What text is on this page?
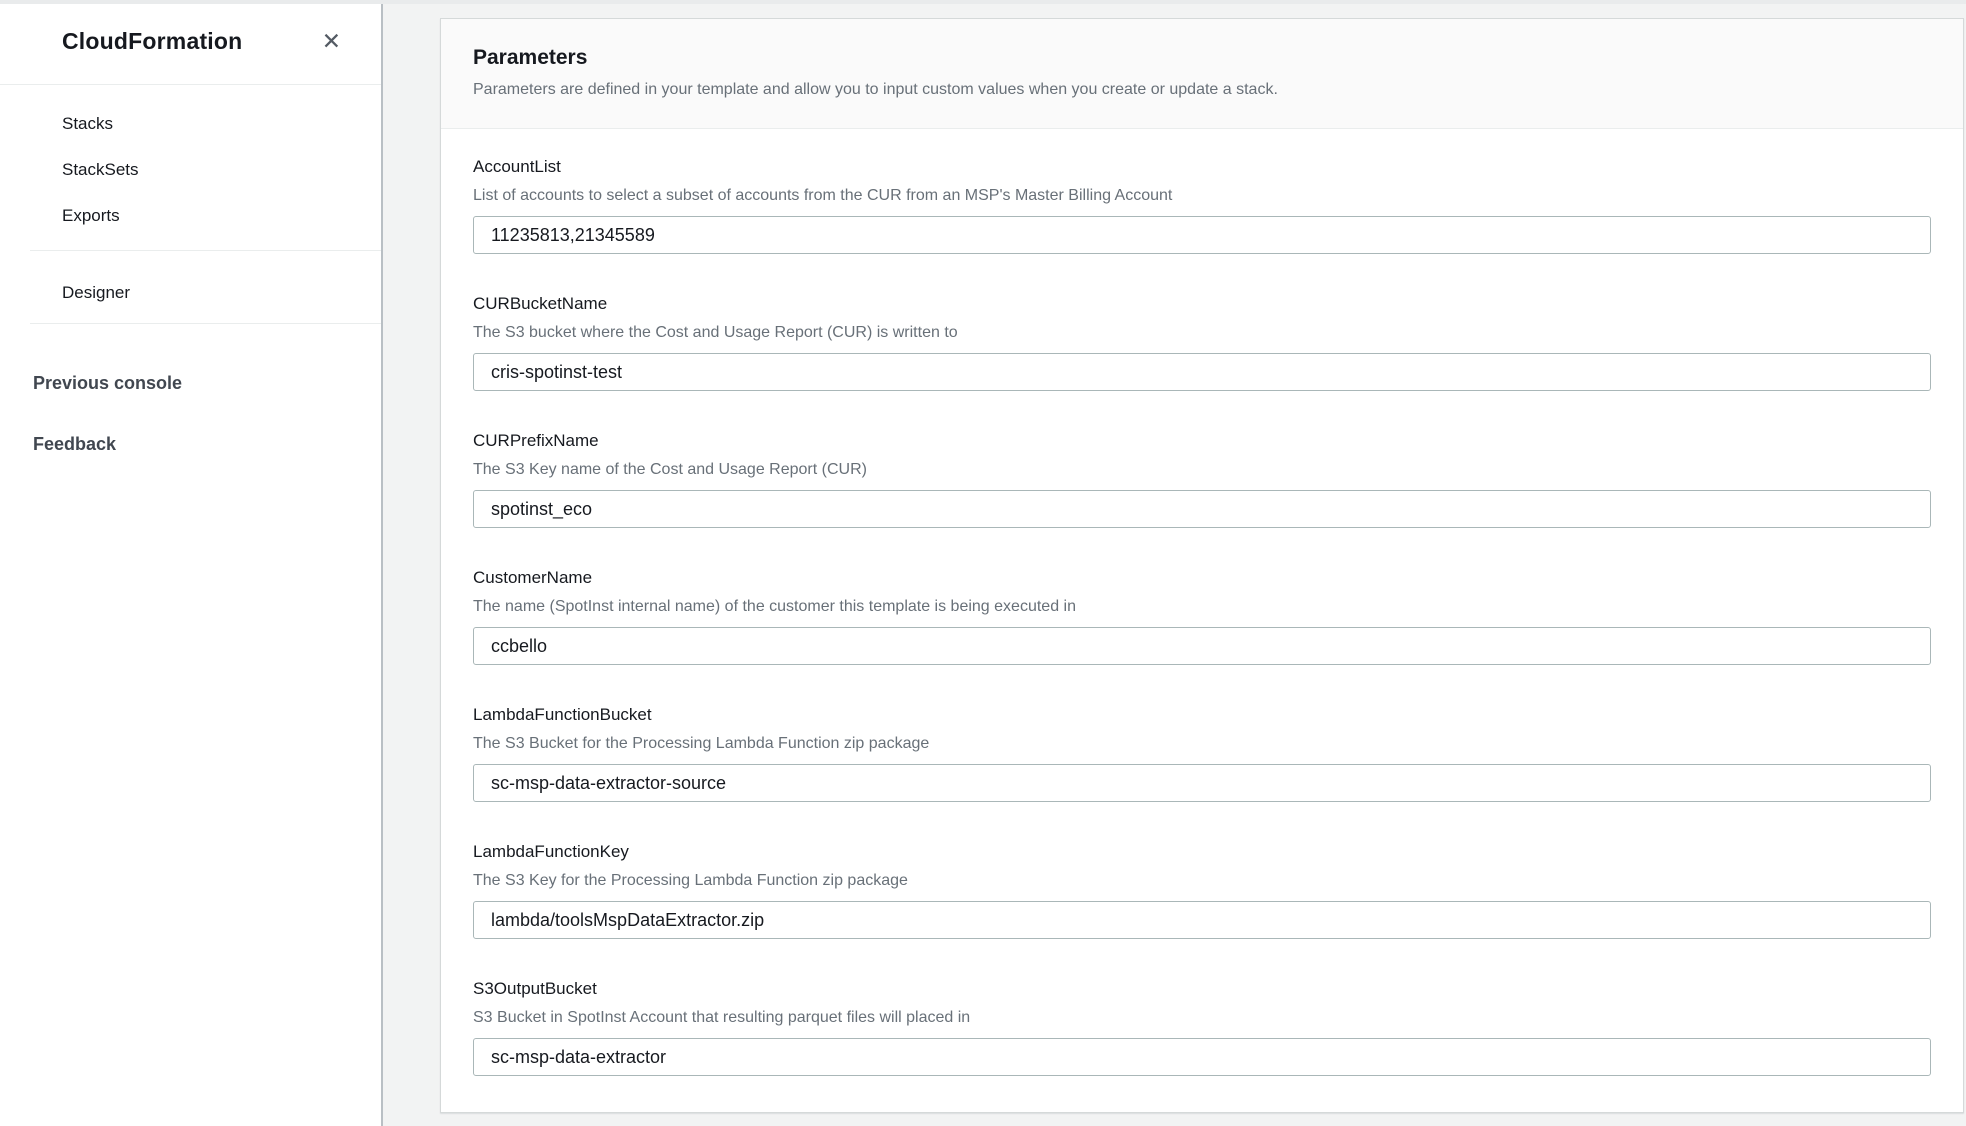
CloudFormation	✕
Stacks
StackSets
Exports
Designer
Previous console
Feedback
Parameters

Parameters are defined in your template and allow you to input custom values when you create or update a stack.

AccountList
List of accounts to select a subset of accounts from the CUR from an MSP's Master Billing Account
11235813,21345589
CURBucketName
The S3 bucket where the Cost and Usage Report (CUR) is written to
cris-spotinst-test
CURPrefixName
The S3 Key name of the Cost and Usage Report (CUR)
spotinst_eco
CustomerName
The name (SpotInst internal name) of the customer this template is being executed in
ccbello
LambdaFunctionBucket
The S3 Bucket for the Processing Lambda Function zip package
sc-msp-data-extractor-source
LambdaFunctionKey
The S3 Key for the Processing Lambda Function zip package
lambda/toolsMspDataExtractor.zip
S3OutputBucket
S3 Bucket in SpotInst Account that resulting parquet files will placed in
sc-msp-data-extractor
